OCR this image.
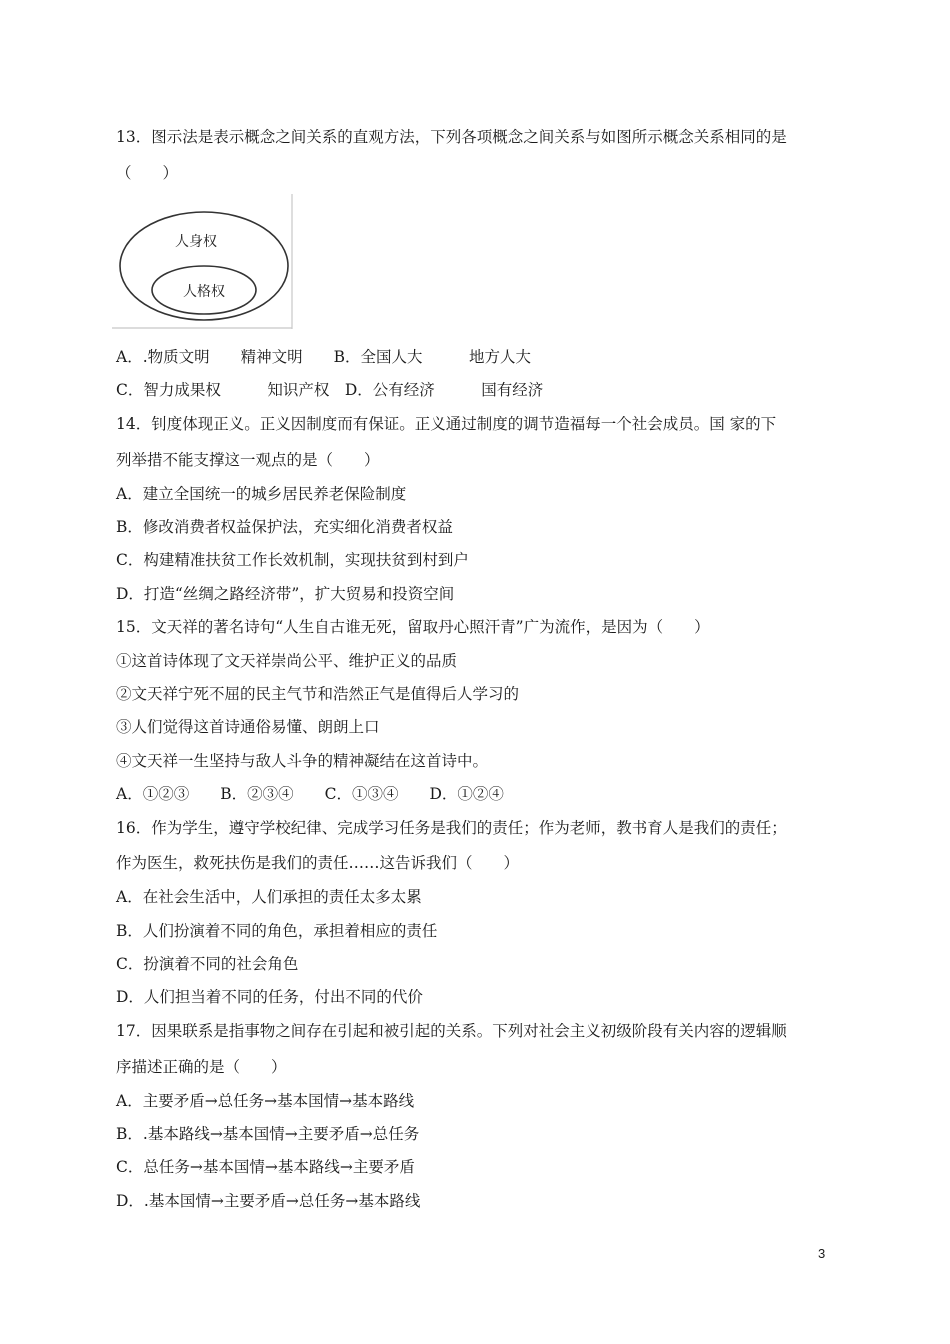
13．图示法是表示概念之间关系的直观方法，下列各项概念之间关系与如图所示概念关系相同的是
（　　）
人身权
人格权
A．.物质文明　　精神文明　　B．全国人大　　　地方人大
C．智力成果权　　　知识产权　D．公有经济　　　国有经济
14．钊度体现正义。正义因制度而有保证。正义通过制度的调节造福每一个社会成员。国 家的下
列举措不能支撑这一观点的是（　　）
A．建立全国统一的城乡居民养老保险制度
B．修改消费者权益保护法，充实细化消费者权益
C．构建精准扶贫工作长效机制，实现扶贫到村到户
D．打造“丝绸之路经济带”，扩大贸易和投资空间
15．文天祥的著名诗句“人生自古谁无死，留取丹心照汗青”广为流作，是因为（　　）
①这首诗体现了文天祥崇尚公平、维护正义的品质
②文天祥宁死不屈的民主气节和浩然正气是值得后人学习的
③人们觉得这首诗通俗易懂、朗朗上口
④文天祥一生坚持与敌人斗争的精神凝结在这首诗中。
A．①②③　　B．②③④　　C．①③④　　D．①②④
16．作为学生，遵守学校纪律、完成学习任务是我们的责任；作为老师，教书育人是我们的责任；
作为医生，救死扶伤是我们的责任……这告诉我们（　　）
A．在社会生活中，人们承担的责任太多太累
B．人们扮演着不同的角色，承担着相应的责任
C．扮演着不同的社会角色
D．人们担当着不同的任务，付出不同的代价
17．因果联系是指事物之间存在引起和被引起的关系。下列对社会主义初级阶段有关内容的逻辑顺
序描述正确的是（　　）
A．主要矛盾→总任务→基本国情→基本路线
B．.基本路线→基本国情→主要矛盾→总任务
C．总任务→基本国情→基本路线→主要矛盾
D．.基本国情→主要矛盾→总任务→基本路线
3
